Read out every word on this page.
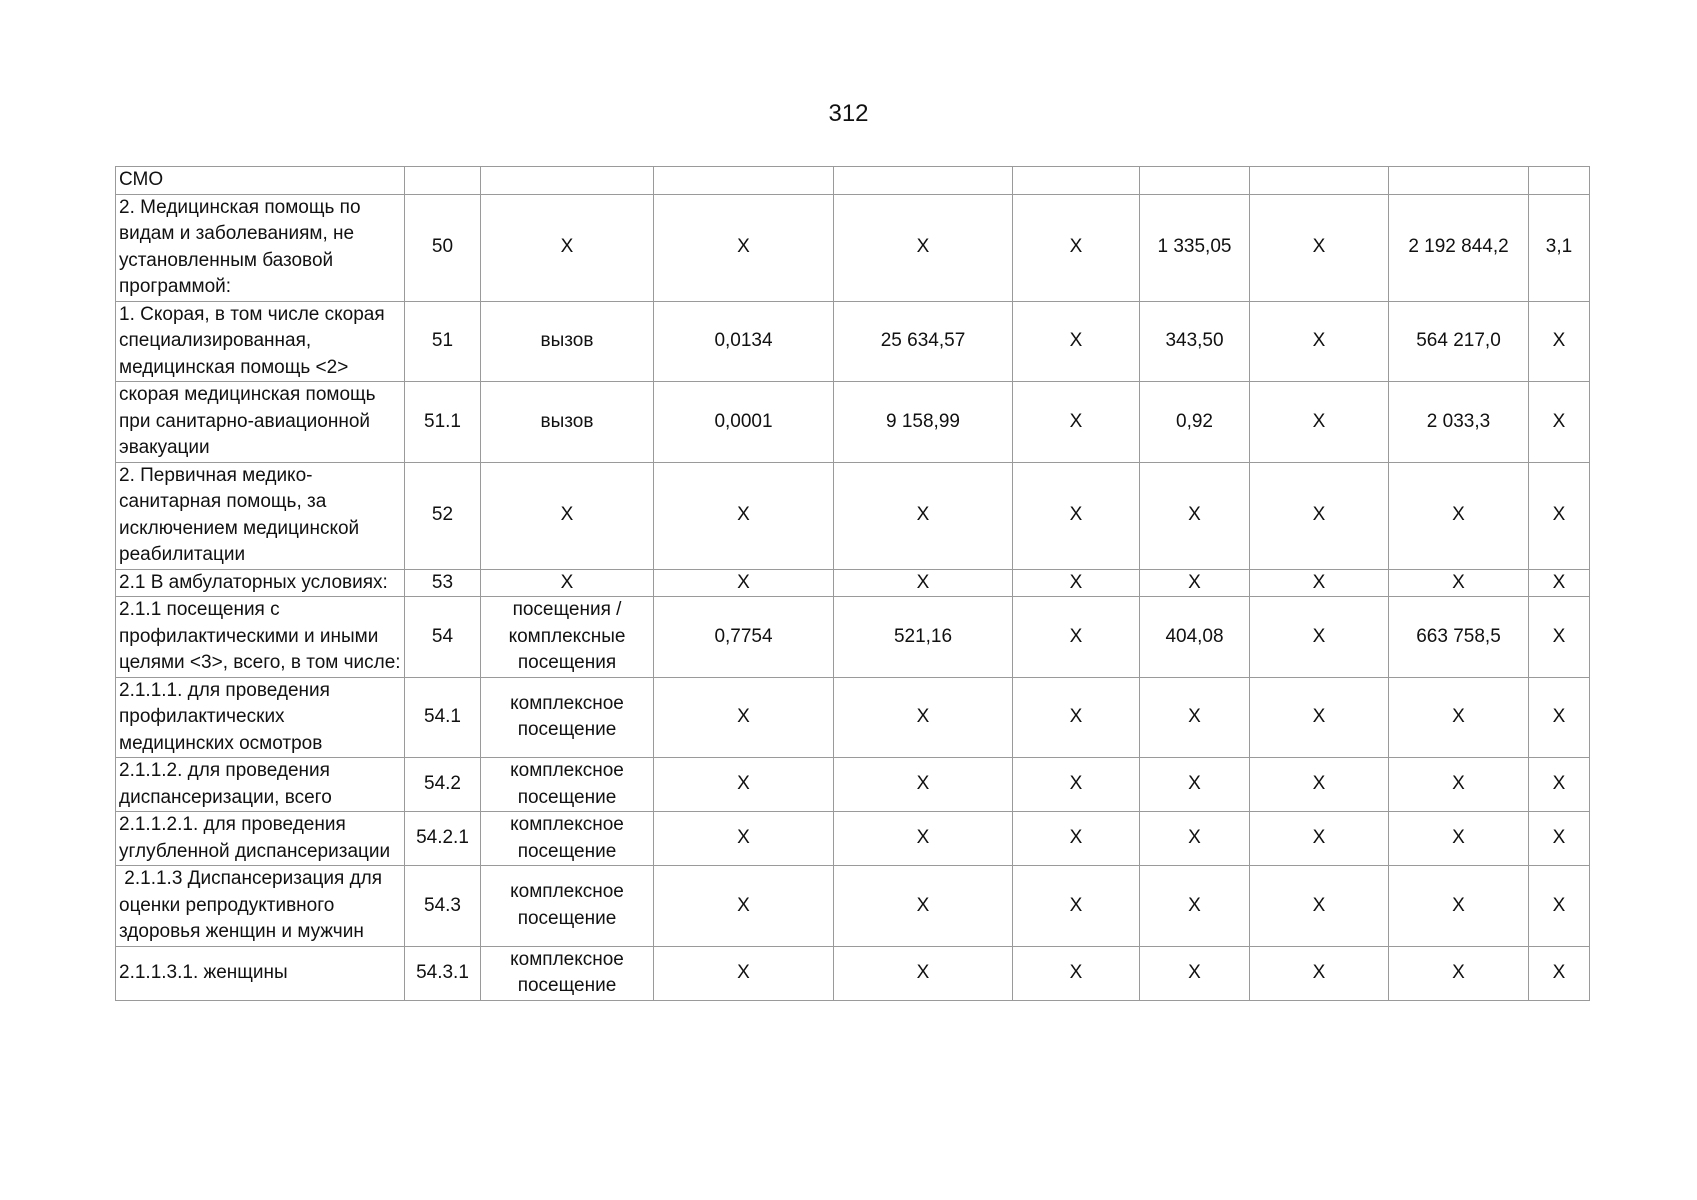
312
СМО									
2. Медицинская помощь по видам и заболеваниям, не установленным базовой программой:	50	Х	Х	Х	Х	1 335,05	Х	2 192 844,2	3,1
1. Скорая, в том числе скорая специализированная, медицинская помощь <2>	51	вызов	0,0134	25 634,57	Х	343,50	Х	564 217,0	Х
скорая медицинская помощь при санитарно-авиационной эвакуации	51.1	вызов	0,0001	9 158,99	Х	0,92	Х	2 033,3	Х
2. Первичная медико-санитарная помощь, за исключением медицинской реабилитации	52	Х	Х	Х	Х	Х	Х	Х	Х
2.1 В амбулаторных условиях:	53	Х	Х	Х	Х	Х	Х	Х	Х
2.1.1 посещения с профилактическими и иными целями <3>, всего, в том числе:	54	посещения / комплексные посещения	0,7754	521,16	Х	404,08	Х	663 758,5	Х
2.1.1.1. для проведения профилактических медицинских осмотров	54.1	комплексное посещение	Х	Х	Х	Х	Х	Х	Х
2.1.1.2. для проведения диспансеризации, всего	54.2	комплексное посещение	Х	Х	Х	Х	Х	Х	Х
2.1.1.2.1. для проведения углубленной диспансеризации	54.2.1	комплексное посещение	Х	Х	Х	Х	Х	Х	Х
2.1.1.3 Диспансеризация для оценки репродуктивного здоровья женщин и мужчин	54.3	комплексное посещение	Х	Х	Х	Х	Х	Х	Х
2.1.1.3.1. женщины	54.3.1	комплексное посещение	Х	Х	Х	Х	Х	Х	Х
